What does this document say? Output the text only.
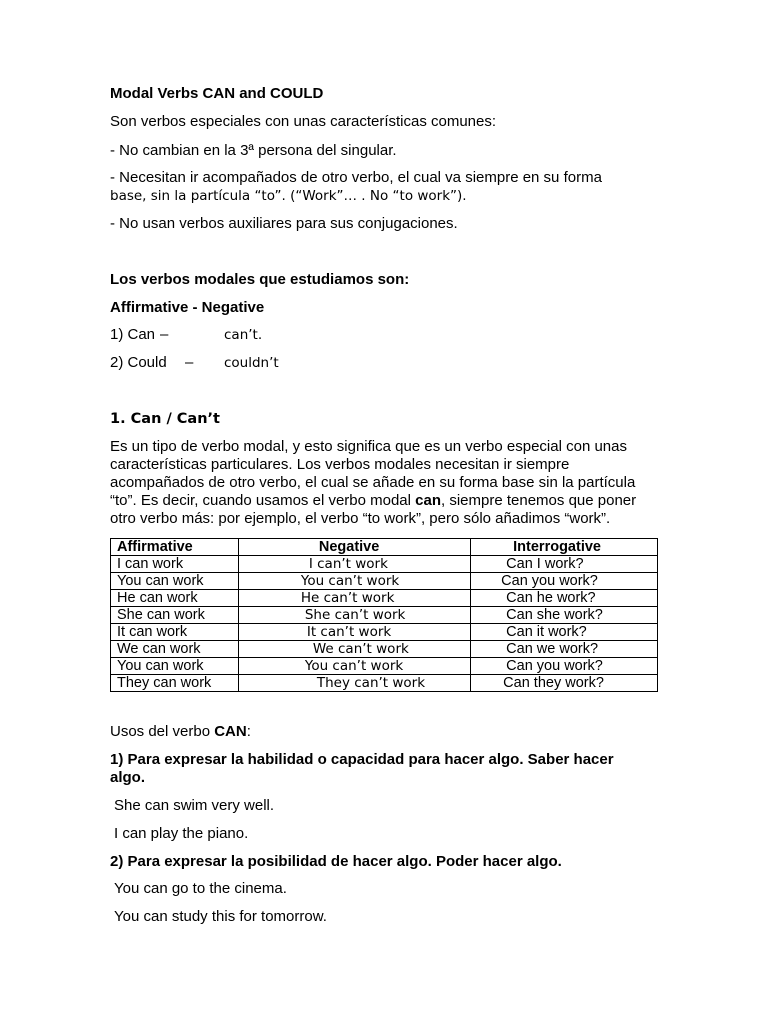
Modal Verbs CAN and COULD
Son verbos especiales con unas características comunes:
- No cambian en la 3ª persona del singular.
- Necesitan ir acompañados de otro verbo, el cual va siempre en su forma
base, sin la partícula “to”. (“Work”… . No “to work”).
- No usan verbos auxiliares para sus conjugaciones.
Los verbos modales que estudiamos son:
Affirmative - Negative
1) Can –	can’t.
2) Could – couldn’t
1. Can / Can’t
Es un tipo de verbo modal, y esto significa que es un verbo especial con unas
características particulares. Los verbos modales necesitan ir siempre
acompañados de otro verbo, el cual se añade en su forma base sin la partícula
“to”. Es decir, cuando usamos el verbo modal can, siempre tenemos que poner
otro verbo más: por ejemplo, el verbo “to work”, pero sólo añadimos “work”.
Affirmative	Negative	Interrogative
I can work	I can’t work	Can I work?
You can work	You can’t work	Can you work?
He can work	He can’t work	Can he work?
She can work	She can’t work	Can she work?
It can work	It can’t work	Can it work?
We can work	We can’t work	Can we work?
You can work	You can’t work	Can you work?
They can work	They can’t work	Can they work?
Usos del verbo CAN:
1) Para expresar la habilidad o capacidad para hacer algo. Saber hacer
algo.
She can swim very well.
I can play the piano.
2) Para expresar la posibilidad de hacer algo. Poder hacer algo.
You can go to the cinema.
You can study this for tomorrow.
